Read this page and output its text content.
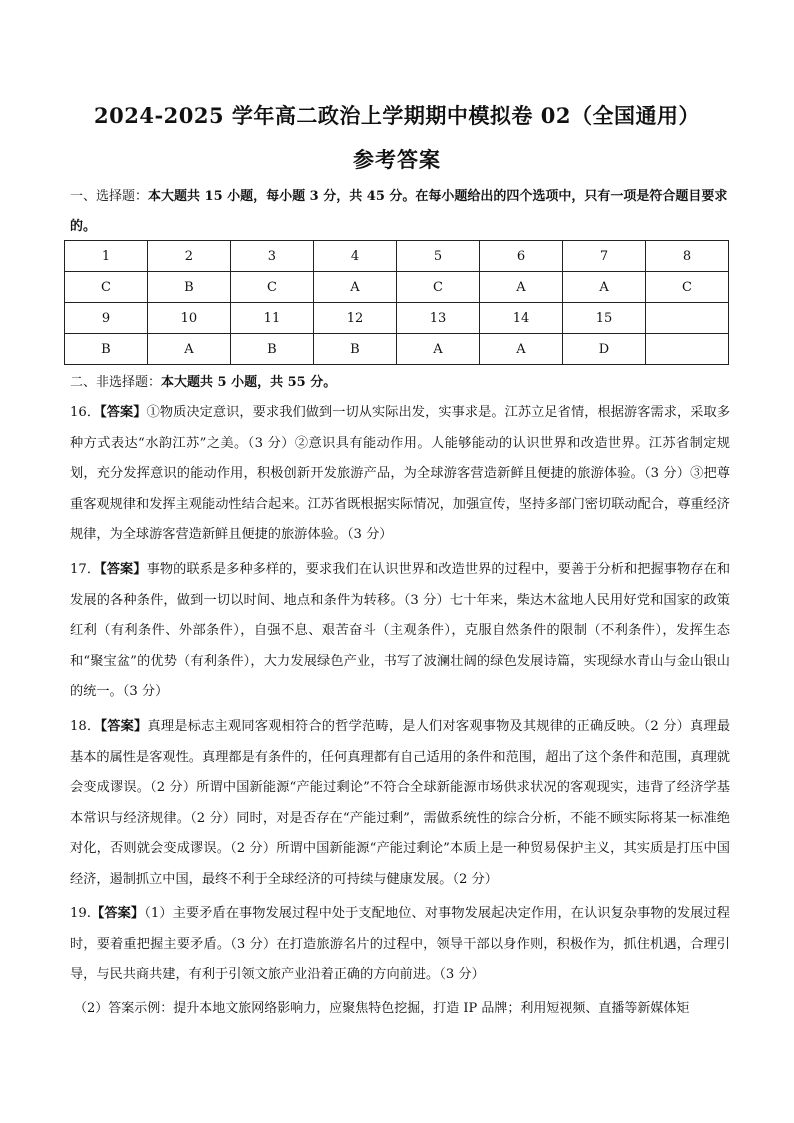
2024-2025 学年高二政治上学期期中模拟卷 02（全国通用）
参考答案
一、选择题：本大题共 15 小题，每小题 3 分，共 45 分。在每小题给出的四个选项中，只有一项是符合题目要求的。
1	2	3	4	5	6	7	8
C	B	C	A	C	A	A	C
9	10	11	12	13	14	15	
B	A	B	B	A	A	D	
二、非选择题：本大题共 5 小题，共 55 分。
16．【答案】①物质决定意识，要求我们做到一切从实际出发，实事求是。江苏立足省情，根据游客需求，采取多种方式表达“水韵江苏”之美。（3 分）②意识具有能动作用。人能够能动的认识世界和改造世界。江苏省制定规划，充分发挥意识的能动作用，积极创新开发旅游产品，为全球游客营造新鲜且便捷的旅游体验。（3 分）③把尊重客观规律和发挥主观能动性结合起来。江苏省既根据实际情况，加强宣传，坚持多部门密切联动配合，尊重经济规律，为全球游客营造新鲜且便捷的旅游体验。（3 分）
17．【答案】事物的联系是多种多样的，要求我们在认识世界和改造世界的过程中，要善于分析和把握事物存在和发展的各种条件，做到一切以时间、地点和条件为转移。（3 分）七十年来，柴达木盆地人民用好党和国家的政策红利（有利条件、外部条件），自强不息、艰苦奋斗（主观条件），克服自然条件的限制（不利条件），发挥生态和“聚宝盆”的优势（有利条件），大力发展绿色产业，书写了波澜壮阔的绿色发展诗篇，实现绿水青山与金山银山的统一。（3 分）
18．【答案】真理是标志主观同客观相符合的哲学范畴，是人们对客观事物及其规律的正确反映。（2 分）真理最基本的属性是客观性。真理都是有条件的，任何真理都有自己适用的条件和范围，超出了这个条件和范围，真理就会变成谬误。（2 分）所谓中国新能源“产能过剩论”不符合全球新能源市场供求状况的客观现实，违背了经济学基本常识与经济规律。（2 分）同时，对是否存在“产能过剩”，需做系统性的综合分析，不能不顾实际将某一标准绝对化，否则就会变成谬误。（2 分）所谓中国新能源“产能过剩论”本质上是一种贸易保护主义，其实质是打压中国经济，遏制抓立中国，最终不利于全球经济的可持续与健康发展。（2 分）
19.【答案】（1）主要矛盾在事物发展过程中处于支配地位、对事物发展起决定作用，在认识复杂事物的发展过程时，要着重把握主要矛盾。（3 分）在打造旅游名片的过程中，领导干部以身作则，积极作为，抓住机遇，合理引导，与民共商共建，有利于引领文旅产业沿着正确的方向前进。（3 分）
（2）答案示例：提升本地文旅网络影响力，应聚焦特色挖掘，打造 IP 品牌；利用短视频、直播等新媒体矩
